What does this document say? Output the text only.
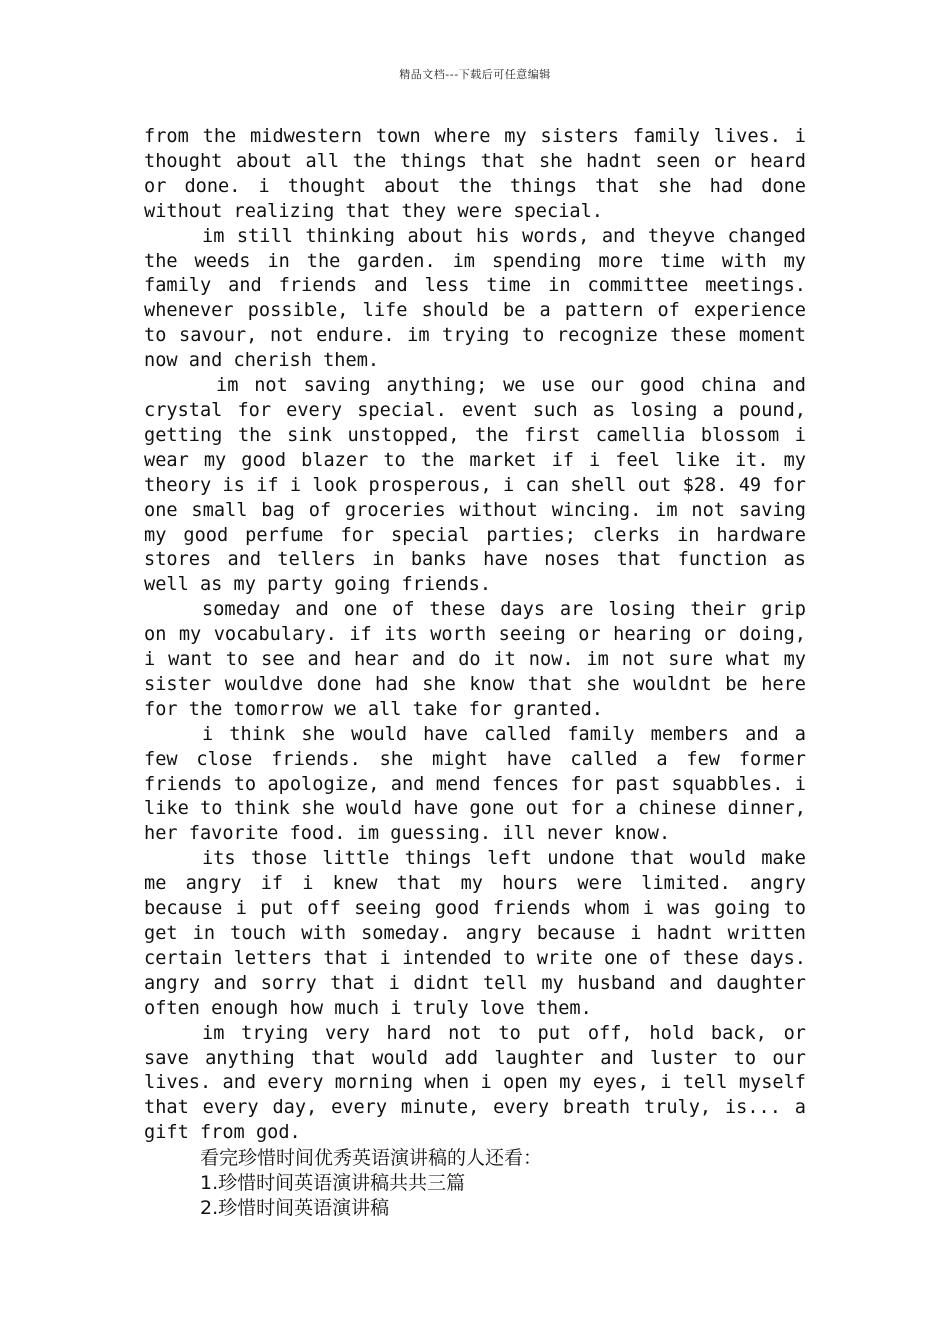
精品文档---下载后可任意编辑

from the midwestern town where my sisters family lives. i thought about all the things that she hadnt seen or heard or done. i thought about the things that she had done without realizing that they were special.

im still thinking about his words, and theyve changed the weeds in the garden. im spending more time with my family and friends and less time in committee meetings. whenever possible, life should be a pattern of experience to savour, not endure. im trying to recognize these moment now and cherish them.

im not saving anything; we use our good china and crystal for every special. event such as losing a pound, getting the sink unstopped, the first camellia blossom i wear my good blazer to the market if i feel like it. my theory is if i look prosperous, i can shell out $28. 49 for one small bag of groceries without wincing. im not saving my good perfume for special parties; clerks in hardware stores and tellers in banks have noses that function as well as my party going friends.

someday and one of these days are losing their grip on my vocabulary. if its worth seeing or hearing or doing, i want to see and hear and do it now. im not sure what my sister wouldve done had she know that she wouldnt be here for the tomorrow we all take for granted.

i think she would have called family members and a few close friends. she might have called a few former friends to apologize, and mend fences for past squabbles. i like to think she would have gone out for a chinese dinner, her favorite food. im guessing. ill never know.

its those little things left undone that would make me angry if i knew that my hours were limited. angry because i put off seeing good friends whom i was going to get in touch with someday. angry because i hadnt written certain letters that i intended to write one of these days. angry and sorry that i didnt tell my husband and daughter often enough how much i truly love them.

im trying very hard not to put off, hold back, or save anything that would add laughter and luster to our lives. and every morning when i open my eyes, i tell myself that every day, every minute, every breath truly, is... a gift from god.

看完珍惜时间优秀英语演讲稿的人还看：

1.珍惜时间英语演讲稿共共三篇

2.珍惜时间英语演讲稿
